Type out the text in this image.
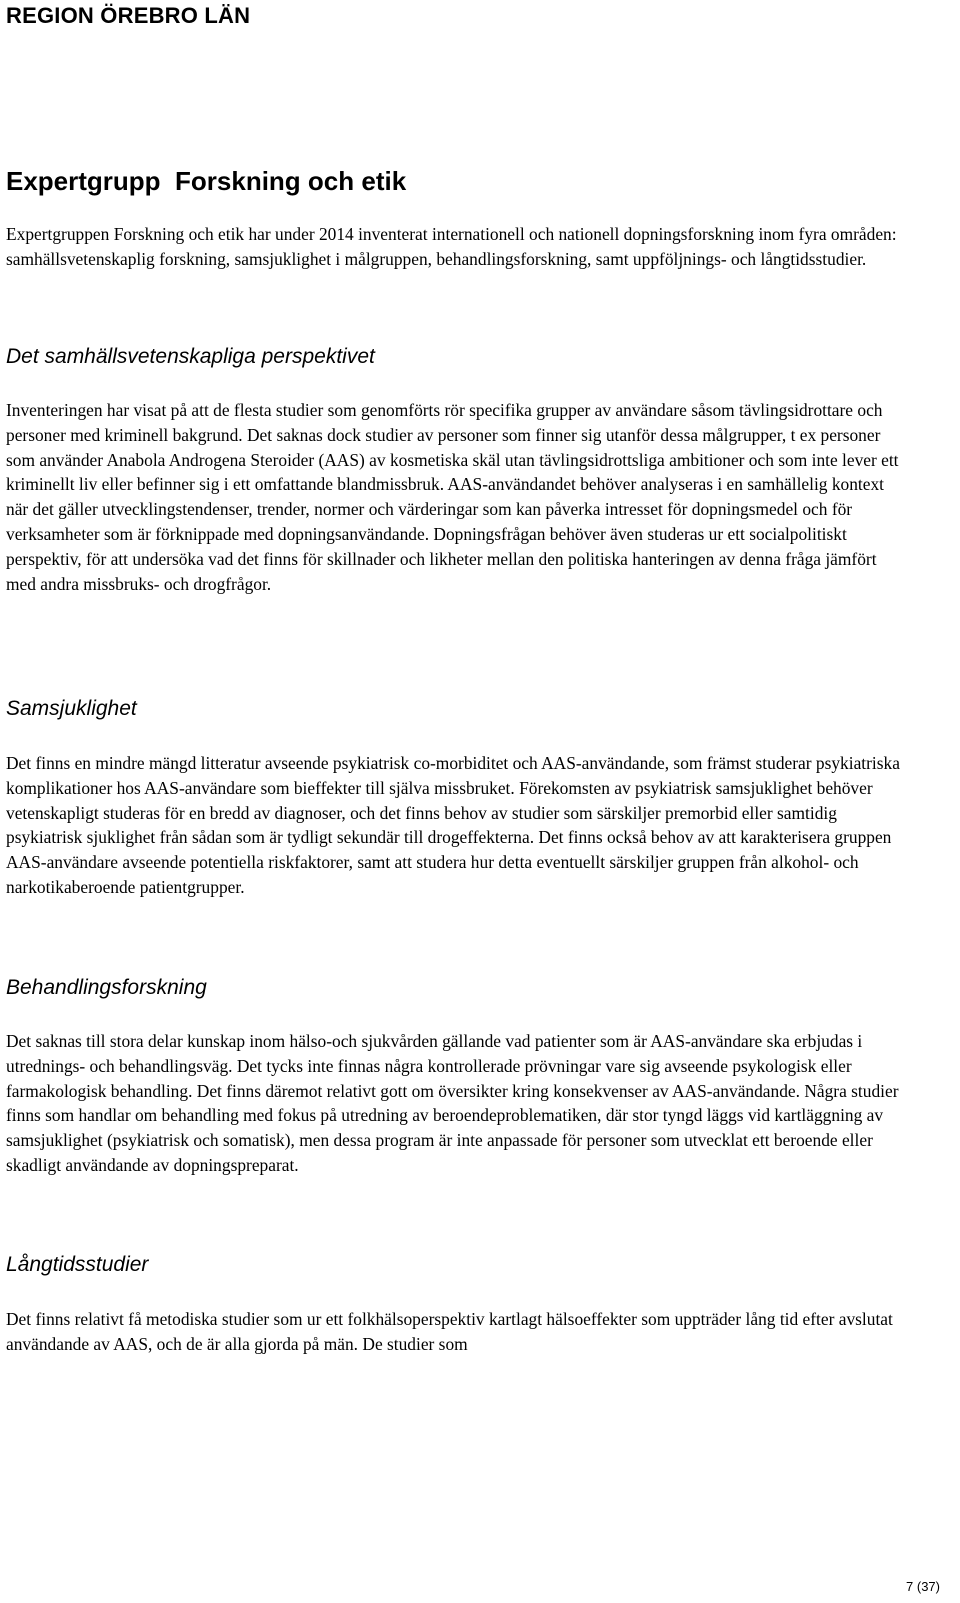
REGION ÖREBRO LÄN
Expertgrupp  Forskning och etik

Expertgruppen Forskning och etik har under 2014 inventerat internationell och nationell dopningsforskning inom fyra områden: samhällsvetenskaplig forskning, samsjuklighet i målgruppen, behandlingsforskning, samt uppföljnings- och långtidsstudier.

Det samhällsvetenskapliga perspektivet

Inventeringen har visat på att de flesta studier som genomförts rör specifika grupper av användare såsom tävlingsidrottare och personer med kriminell bakgrund. Det saknas dock studier av personer som finner sig utanför dessa målgrupper, t ex personer som använder Anabola Androgena Steroider (AAS) av kosmetiska skäl utan tävlingsidrottsliga ambitioner och som inte lever ett kriminellt liv eller befinner sig i ett omfattande blandmissbruk. AAS-användandet behöver analyseras i en samhällelig kontext när det gäller utvecklingstendenser, trender, normer och värderingar som kan påverka intresset för dopningsmedel och för verksamheter som är förknippade med dopningsanvändande. Dopningsfrågan behöver även studeras ur ett socialpolitiskt perspektiv, för att undersöka vad det finns för skillnader och likheter mellan den politiska hanteringen av denna fråga jämfört med andra missbruks- och drogfrågor.

Samsjuklighet

Det finns en mindre mängd litteratur avseende psykiatrisk co-morbiditet och AAS-användande, som främst studerar psykiatriska komplikationer hos AAS-användare som bieffekter till själva missbruket. Förekomsten av psykiatrisk samsjuklighet behöver vetenskapligt studeras för en bredd av diagnoser, och det finns behov av studier som särskiljer premorbid eller samtidig psykiatrisk sjuklighet från sådan som är tydligt sekundär till drogeffekterna. Det finns också behov av att karakterisera gruppen AAS-användare avseende potentiella riskfaktorer, samt att studera hur detta eventuellt särskiljer gruppen från alkohol- och narkotikaberoende patientgrupper.

Behandlingsforskning

Det saknas till stora delar kunskap inom hälso-och sjukvården gällande vad patienter som är AAS-användare ska erbjudas i utrednings- och behandlingsväg. Det tycks inte finnas några kontrollerade prövningar vare sig avseende psykologisk eller farmakologisk behandling. Det finns däremot relativt gott om översikter kring konsekvenser av AAS-användande. Några studier finns som handlar om behandling med fokus på utredning av beroendeproblematiken, där stor tyngd läggs vid kartläggning av samsjuklighet (psykiatrisk och somatisk), men dessa program är inte anpassade för personer som utvecklat ett beroende eller skadligt användande av dopningspreparat.

Långtidsstudier

Det finns relativt få metodiska studier som ur ett folkhälsoperspektiv kartlagt hälsoeffekter som uppträder lång tid efter avslutat användande av AAS, och de är alla gjorda på män. De studier som

7 (37)
